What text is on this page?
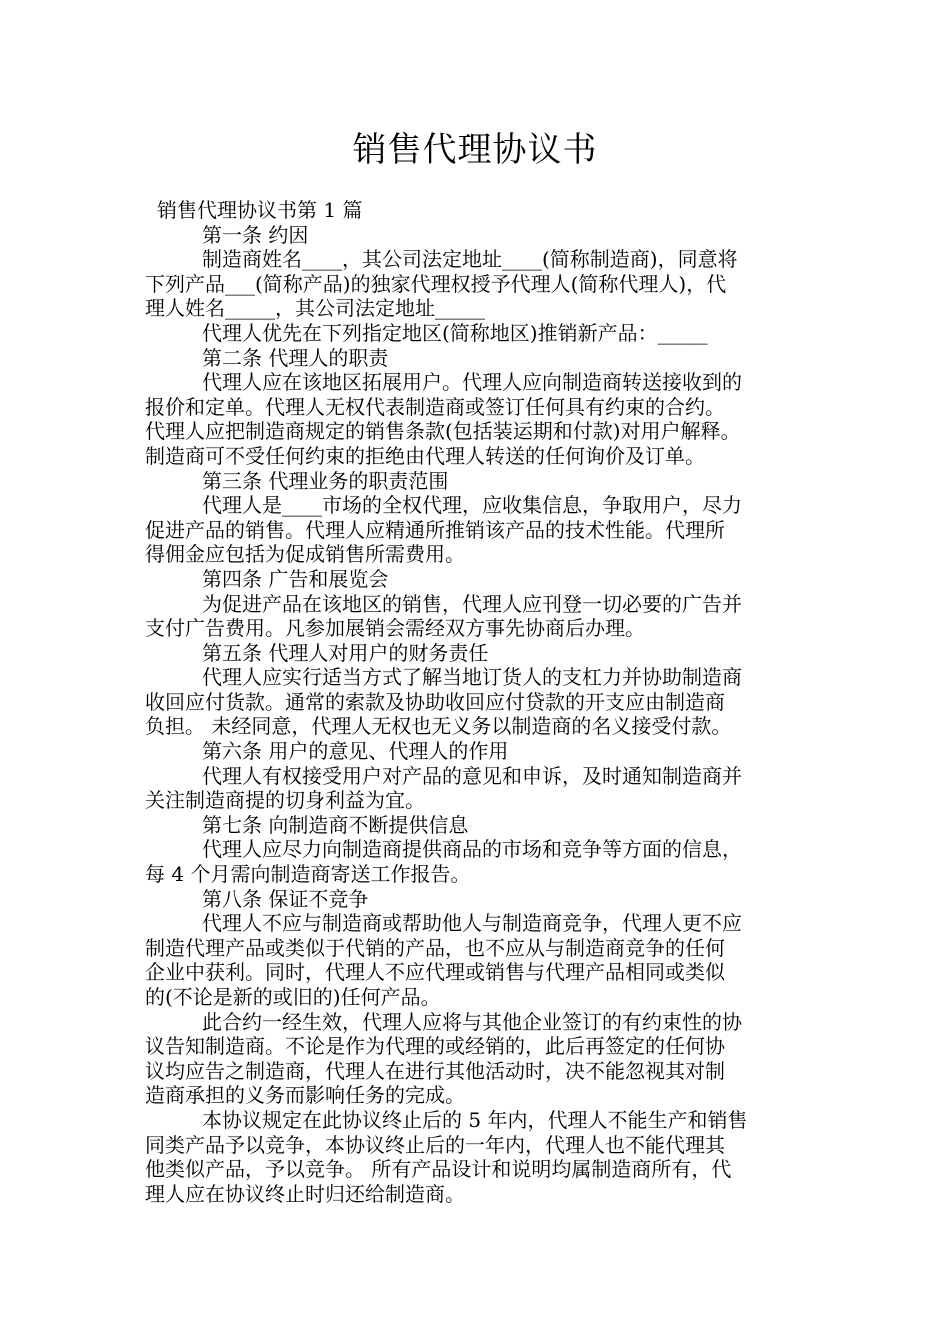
销售代理协议书

销售代理协议书第 1 篇

第一条 约因

制造商姓名____，其公司法定地址____(简称制造商)，同意将

下列产品___(简称产品)的独家代理权授予代理人(简称代理人)，代

理人姓名_____，其公司法定地址_____

代理人优先在下列指定地区(简称地区)推销新产品：_____

第二条 代理人的职责

代理人应在该地区拓展用户。代理人应向制造商转送接收到的

报价和定单。代理人无权代表制造商或签订任何具有约束的合约。

代理人应把制造商规定的销售条款(包括装运期和付款)对用户解释。

制造商可不受任何约束的拒绝由代理人转送的任何询价及订单。

第三条 代理业务的职责范围

代理人是____市场的全权代理，应收集信息，争取用户，尽力

促进产品的销售。代理人应精通所推销该产品的技术性能。代理所

得佣金应包括为促成销售所需费用。

第四条 广告和展览会

为促进产品在该地区的销售，代理人应刊登一切必要的广告并

支付广告费用。凡参加展销会需经双方事先协商后办理。

第五条 代理人对用户的财务责任

代理人应实行适当方式了解当地订货人的支杠力并协助制造商

收回应付货款。通常的索款及协助收回应付贷款的开支应由制造商

负担。 未经同意，代理人无权也无义务以制造商的名义接受付款。

第六条 用户的意见、代理人的作用

代理人有权接受用户对产品的意见和申诉，及时通知制造商并

关注制造商提的切身利益为宜。

第七条 向制造商不断提供信息

代理人应尽力向制造商提供商品的市场和竞争等方面的信息，

每 4 个月需向制造商寄送工作报告。

第八条 保证不竞争

代理人不应与制造商或帮助他人与制造商竞争，代理人更不应

制造代理产品或类似于代销的产品，也不应从与制造商竞争的任何

企业中获利。同时，代理人不应代理或销售与代理产品相同或类似

的(不论是新的或旧的)任何产品。

此合约一经生效，代理人应将与其他企业签订的有约束性的协

议告知制造商。不论是作为代理的或经销的，此后再签定的任何协

议均应告之制造商，代理人在进行其他活动时，决不能忽视其对制

造商承担的义务而影响任务的完成。

本协议规定在此协议终止后的 5 年内，代理人不能生产和销售

同类产品予以竞争，本协议终止后的一年内，代理人也不能代理其

他类似产品，予以竞争。 所有产品设计和说明均属制造商所有，代

理人应在协议终止时归还给制造商。
